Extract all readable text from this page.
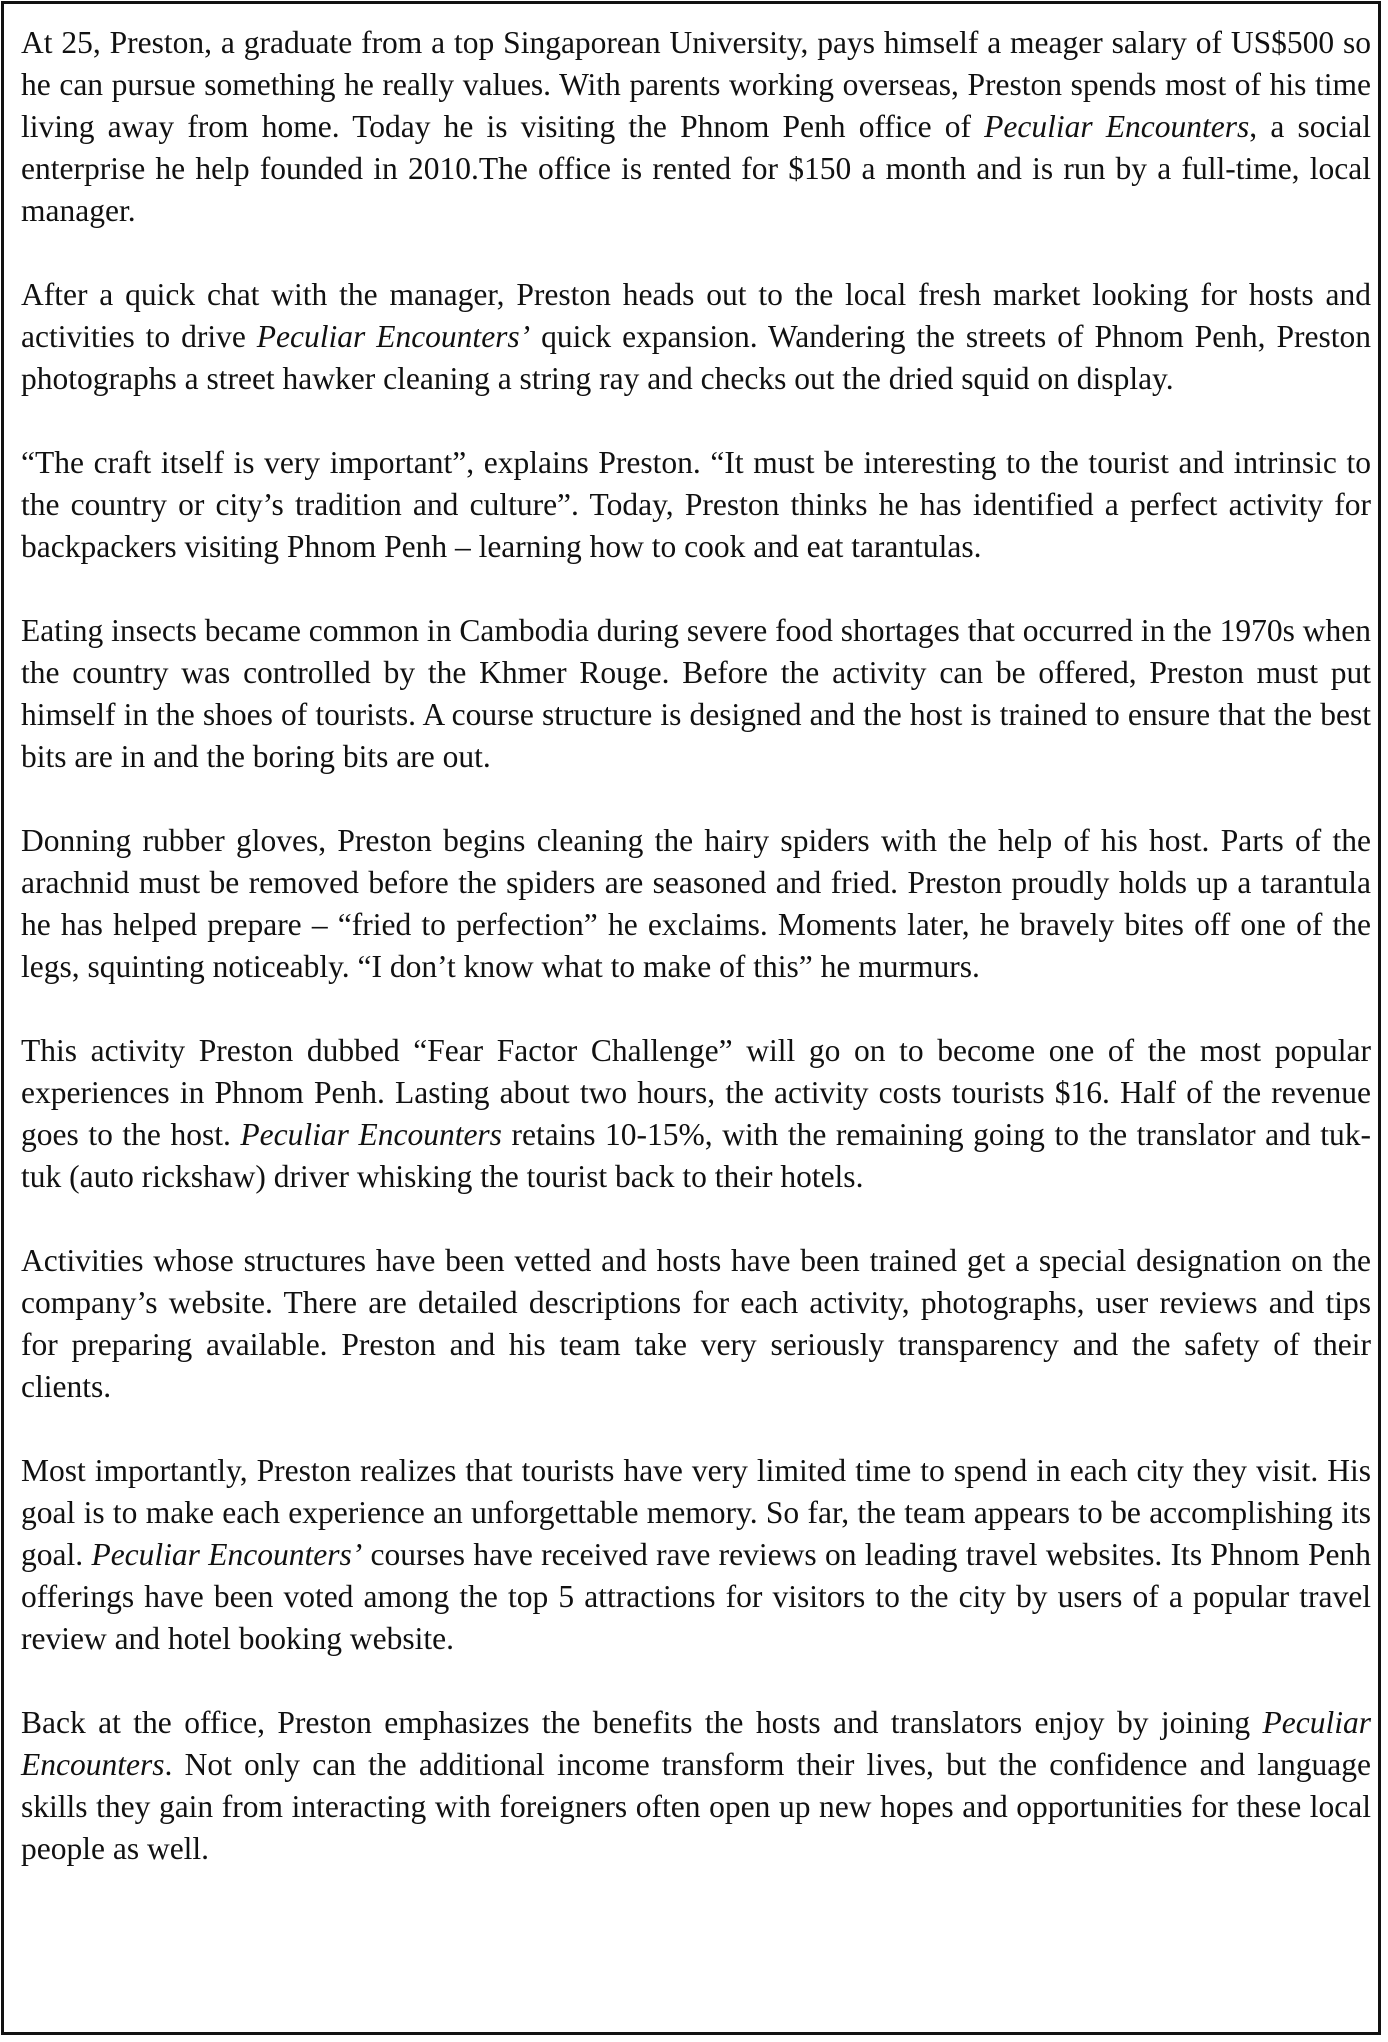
At 25, Preston, a graduate from a top Singaporean University, pays himself a meager salary of US$500 so he can pursue something he really values. With parents working overseas, Preston spends most of his time living away from home. Today he is visiting the Phnom Penh office of Peculiar Encounters, a social enterprise he help founded in 2010.The office is rented for $150 a month and is run by a full-time, local manager.

After a quick chat with the manager, Preston heads out to the local fresh market looking for hosts and activities to drive Peculiar Encounters’ quick expansion. Wandering the streets of Phnom Penh, Preston photographs a street hawker cleaning a string ray and checks out the dried squid on display.

“The craft itself is very important”, explains Preston. “It must be interesting to the tourist and intrinsic to the country or city’s tradition and culture”. Today, Preston thinks he has identified a perfect activity for backpackers visiting Phnom Penh – learning how to cook and eat tarantulas.

Eating insects became common in Cambodia during severe food shortages that occurred in the 1970s when the country was controlled by the Khmer Rouge. Before the activity can be offered, Preston must put himself in the shoes of tourists. A course structure is designed and the host is trained to ensure that the best bits are in and the boring bits are out.

Donning rubber gloves, Preston begins cleaning the hairy spiders with the help of his host. Parts of the arachnid must be removed before the spiders are seasoned and fried. Preston proudly holds up a tarantula he has helped prepare – “fried to perfection” he exclaims. Moments later, he bravely bites off one of the legs, squinting noticeably. “I don’t know what to make of this” he murmurs.

This activity Preston dubbed “Fear Factor Challenge” will go on to become one of the most popular experiences in Phnom Penh. Lasting about two hours, the activity costs tourists $16. Half of the revenue goes to the host. Peculiar Encounters retains 10-15%, with the remaining going to the translator and tuk-tuk (auto rickshaw) driver whisking the tourist back to their hotels.

Activities whose structures have been vetted and hosts have been trained get a special designation on the company’s website. There are detailed descriptions for each activity, photographs, user reviews and tips for preparing available. Preston and his team take very seriously transparency and the safety of their clients.

Most importantly, Preston realizes that tourists have very limited time to spend in each city they visit. His goal is to make each experience an unforgettable memory. So far, the team appears to be accomplishing its goal. Peculiar Encounters’ courses have received rave reviews on leading travel websites. Its Phnom Penh offerings have been voted among the top 5 attractions for visitors to the city by users of a popular travel review and hotel booking website.

Back at the office, Preston emphasizes the benefits the hosts and translators enjoy by joining Peculiar Encounters. Not only can the additional income transform their lives, but the confidence and language skills they gain from interacting with foreigners often open up new hopes and opportunities for these local people as well.
